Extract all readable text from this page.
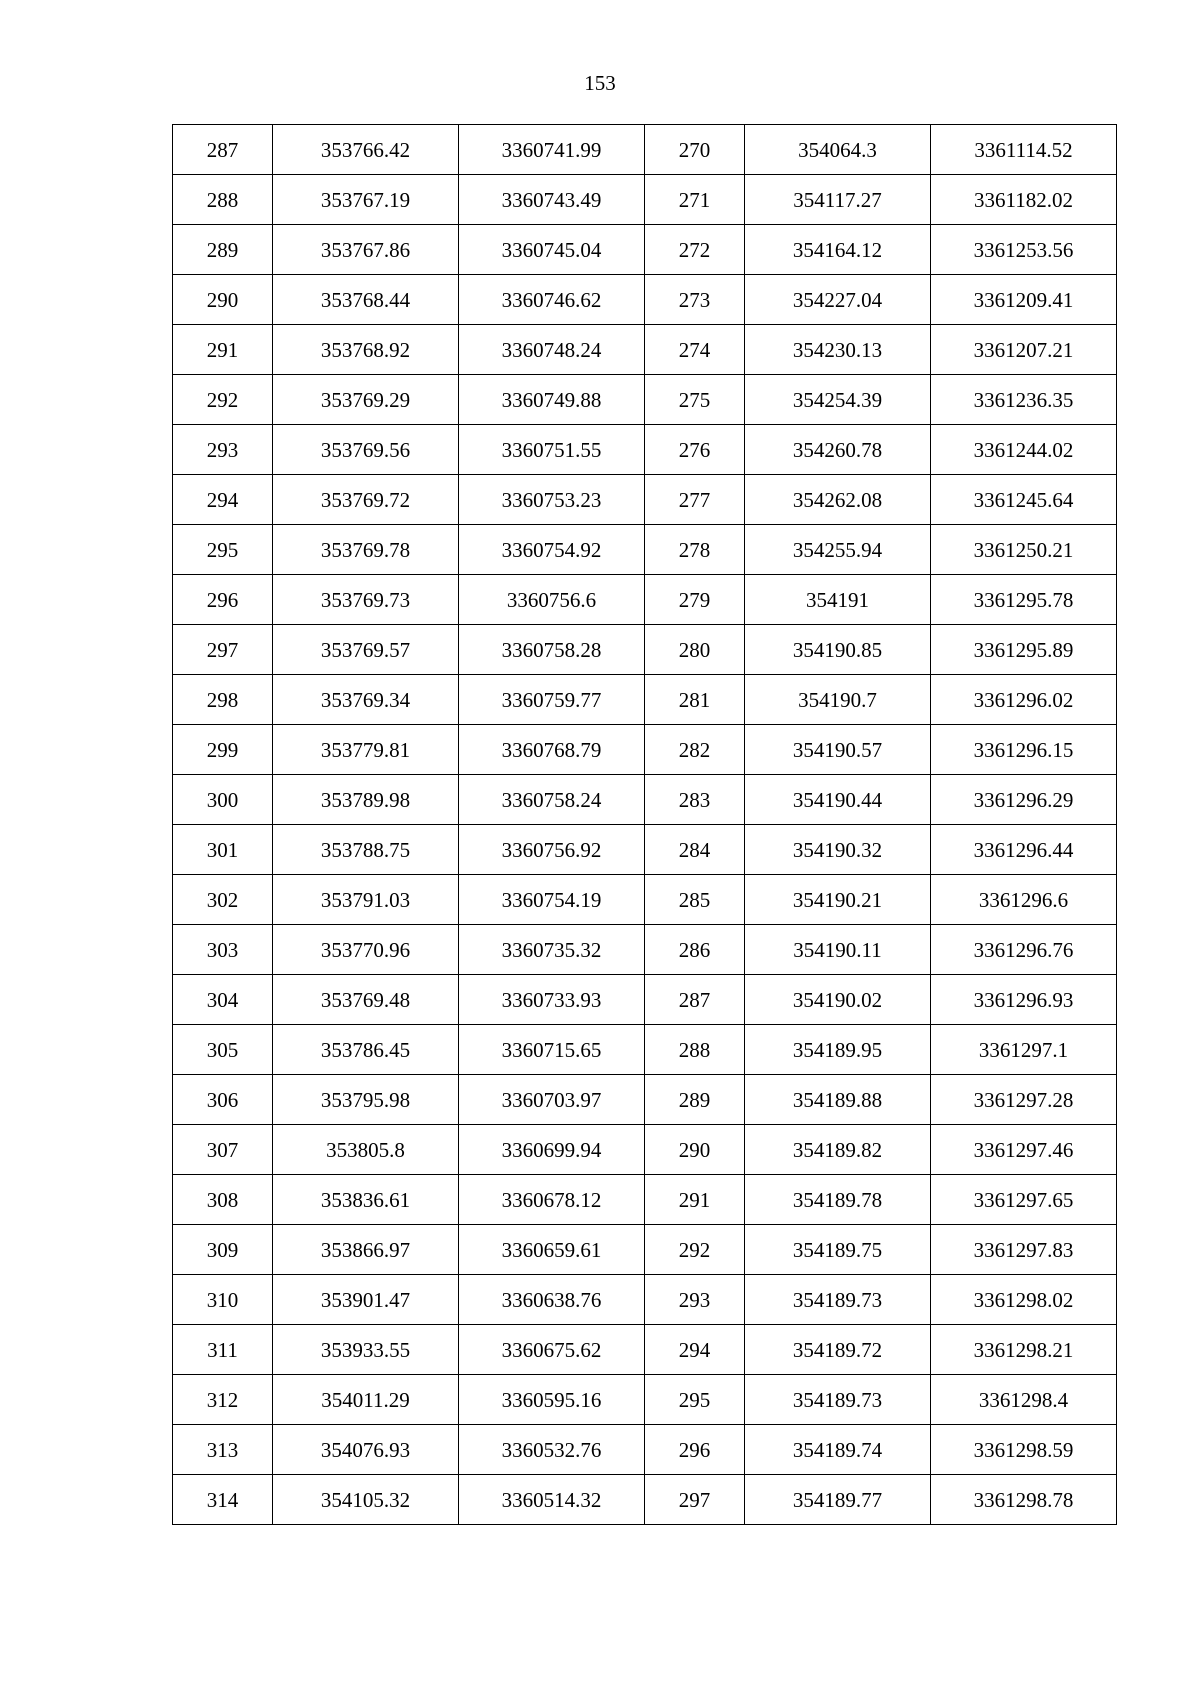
153
287	353766.42	3360741.99	270	354064.3	3361114.52
288	353767.19	3360743.49	271	354117.27	3361182.02
289	353767.86	3360745.04	272	354164.12	3361253.56
290	353768.44	3360746.62	273	354227.04	3361209.41
291	353768.92	3360748.24	274	354230.13	3361207.21
292	353769.29	3360749.88	275	354254.39	3361236.35
293	353769.56	3360751.55	276	354260.78	3361244.02
294	353769.72	3360753.23	277	354262.08	3361245.64
295	353769.78	3360754.92	278	354255.94	3361250.21
296	353769.73	3360756.6	279	354191	3361295.78
297	353769.57	3360758.28	280	354190.85	3361295.89
298	353769.34	3360759.77	281	354190.7	3361296.02
299	353779.81	3360768.79	282	354190.57	3361296.15
300	353789.98	3360758.24	283	354190.44	3361296.29
301	353788.75	3360756.92	284	354190.32	3361296.44
302	353791.03	3360754.19	285	354190.21	3361296.6
303	353770.96	3360735.32	286	354190.11	3361296.76
304	353769.48	3360733.93	287	354190.02	3361296.93
305	353786.45	3360715.65	288	354189.95	3361297.1
306	353795.98	3360703.97	289	354189.88	3361297.28
307	353805.8	3360699.94	290	354189.82	3361297.46
308	353836.61	3360678.12	291	354189.78	3361297.65
309	353866.97	3360659.61	292	354189.75	3361297.83
310	353901.47	3360638.76	293	354189.73	3361298.02
311	353933.55	3360675.62	294	354189.72	3361298.21
312	354011.29	3360595.16	295	354189.73	3361298.4
313	354076.93	3360532.76	296	354189.74	3361298.59
314	354105.32	3360514.32	297	354189.77	3361298.78
